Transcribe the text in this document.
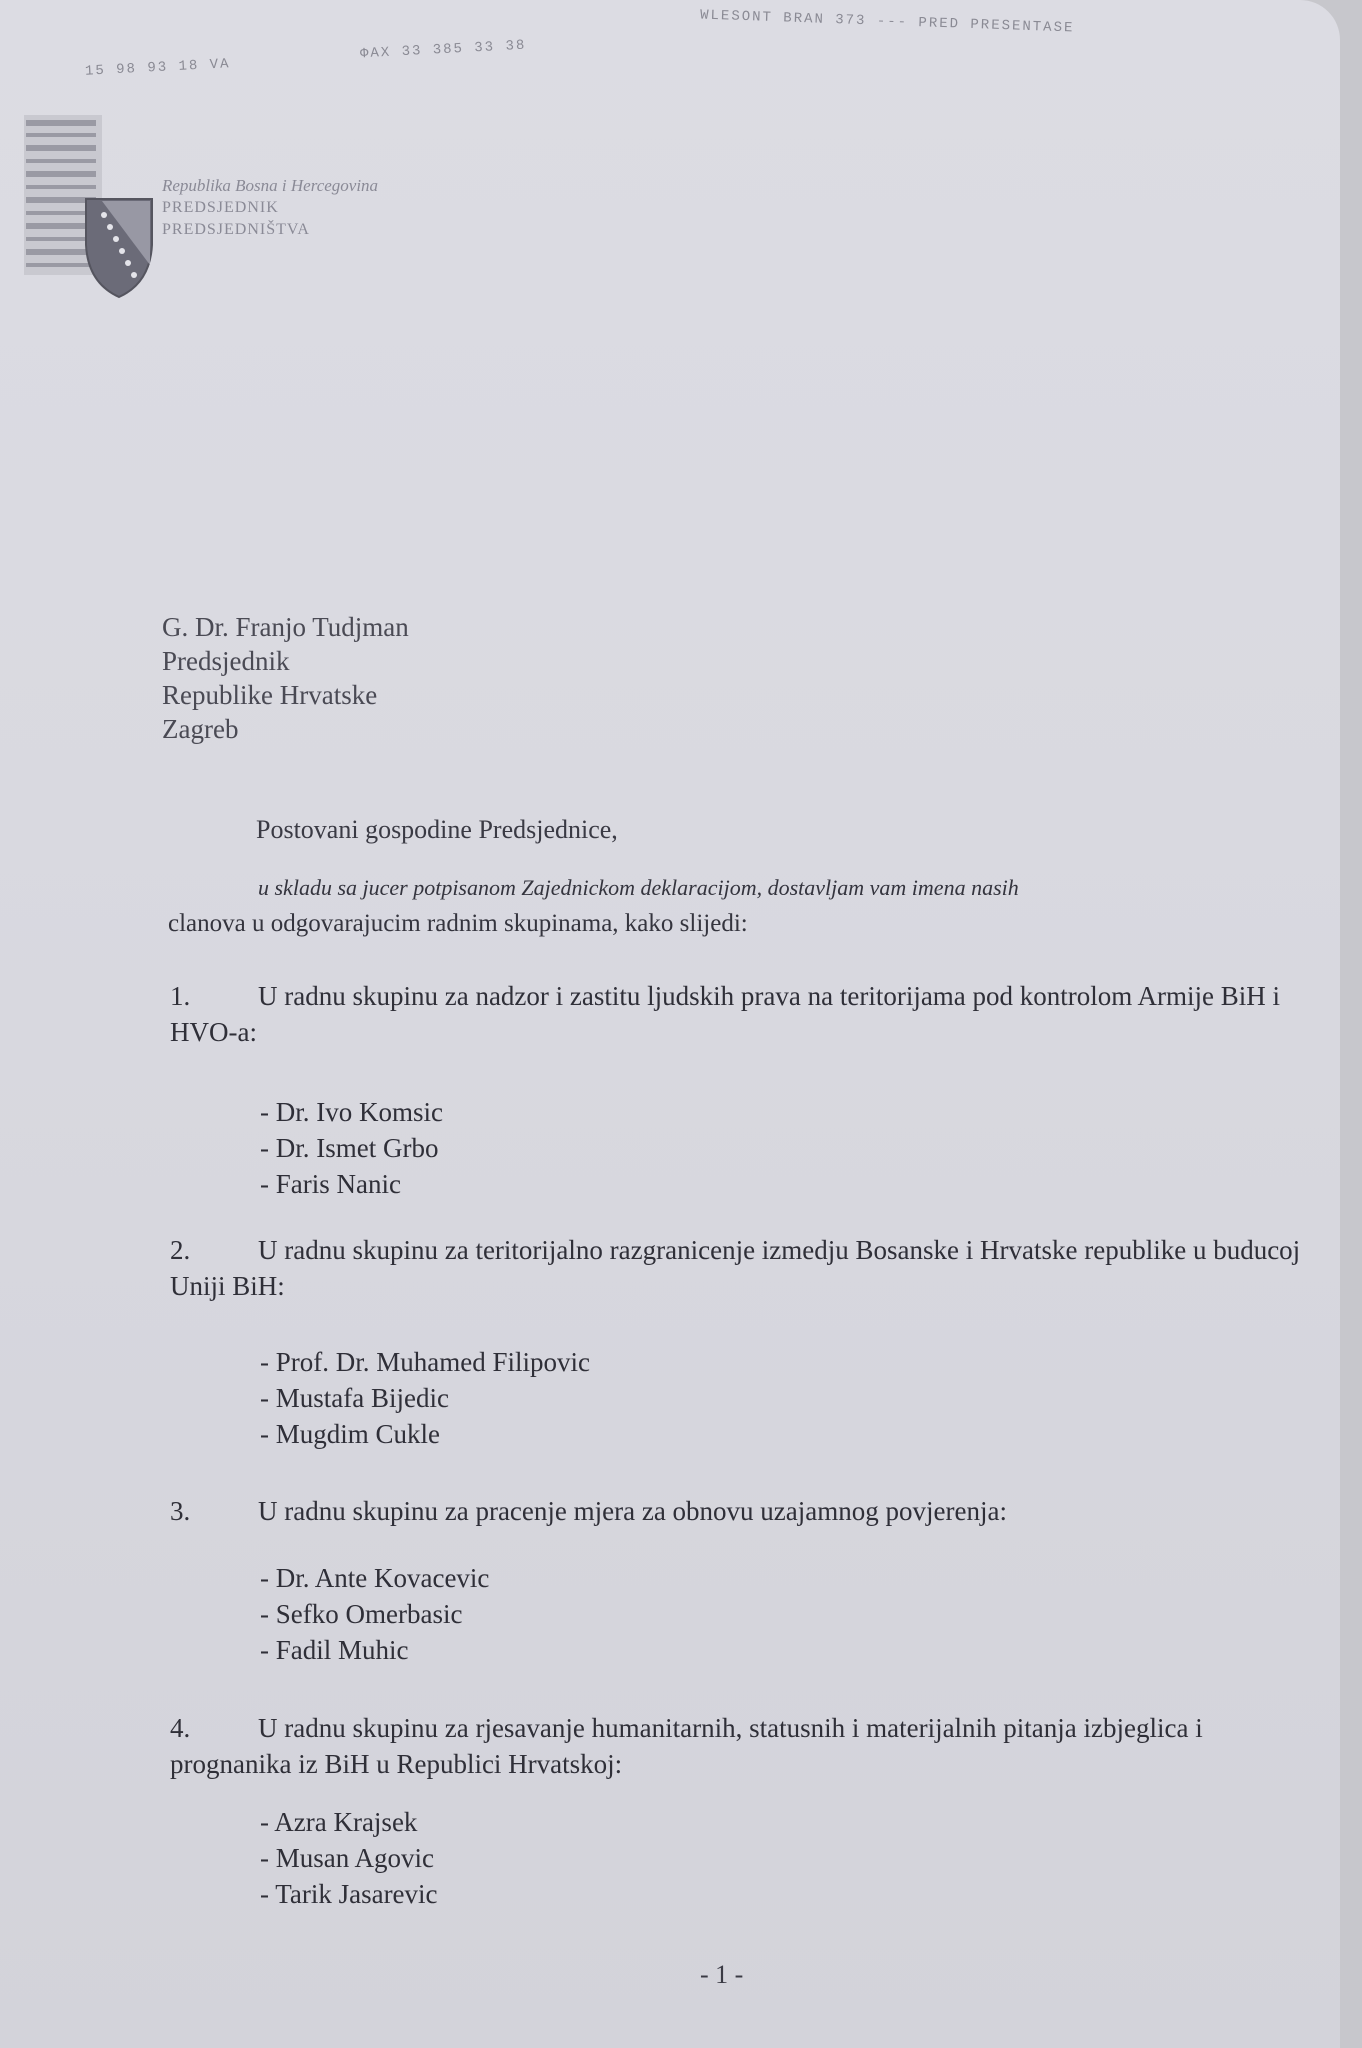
15 98 93 18 VA
ФАХ 33 385 33 38
WLESONT BRAN 373 --- PRED PRESENTASE
Republika Bosna i Hercegovina
PREDSJEDNIK
PREDSJEDNIŠTVA
G. Dr. Franjo Tudjman
Predsjednik
Republike Hrvatske
Zagreb
Postovani gospodine Predsjednice,
u skladu sa jucer potpisanom Zajednickom deklaracijom, dostavljam vam imena nasih
clanova u odgovarajucim radnim skupinama, kako slijedi:
1.	U radnu skupinu za nadzor i zastitu ljudskih prava na teritorijama pod kontrolom Armije BiH i HVO-a:
- Dr. Ivo Komsic
- Dr. Ismet Grbo
- Faris Nanic
2.	U radnu skupinu za teritorijalno razgranicenje izmedju Bosanske i Hrvatske republike u buducoj Uniji BiH:
- Prof. Dr. Muhamed Filipovic
- Mustafa Bijedic
- Mugdim Cukle
3.	U radnu skupinu za pracenje mjera za obnovu uzajamnog povjerenja:
- Dr. Ante Kovacevic
- Sefko Omerbasic
- Fadil Muhic
4.	U radnu skupinu za rjesavanje humanitarnih, statusnih i materijalnih pitanja izbjeglica i prognanika iz BiH u Republici Hrvatskoj:
- Azra Krajsek
- Musan Agovic
- Tarik Jasarevic
- 1 -
